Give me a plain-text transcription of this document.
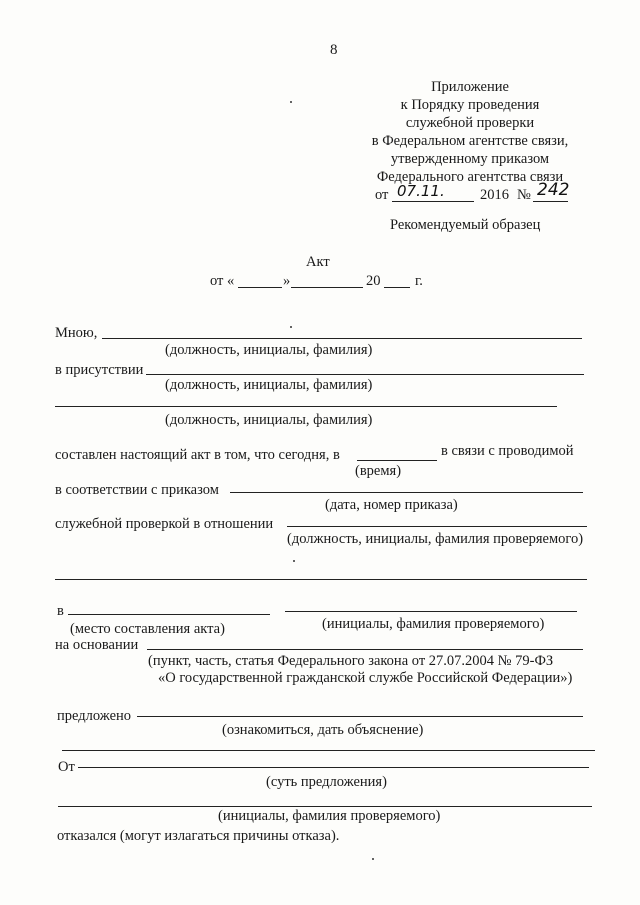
8
Приложение
к Порядку проведения
служебной проверки
в Федеральном агентстве связи,
утвержденному приказом
Федерального агентства связи
от 07.11. 2016 № 242
Рекомендуемый образец
Акт
от «	»	20 г.
Мною,
(должность, инициалы, фамилия)
в присутствии
(должность, инициалы, фамилия)
(должность, инициалы, фамилия)
составлен настоящий акт в том, что сегодня, в	в связи с проводимой
(время)
в соответствии с приказом
(дата, номер приказа)
служебной проверкой в отношении
(должность, инициалы, фамилия проверяемого)
в
(место составления акта)	(инициалы, фамилия проверяемого)
на основании
(пункт, часть, статья Федерального закона от 27.07.2004 № 79-ФЗ
«О государственной гражданской службе Российской Федерации»)
предложено
(ознакомиться, дать объяснение)
От
(суть предложения)
(инициалы, фамилия проверяемого)
отказался (могут излагаться причины отказа).
